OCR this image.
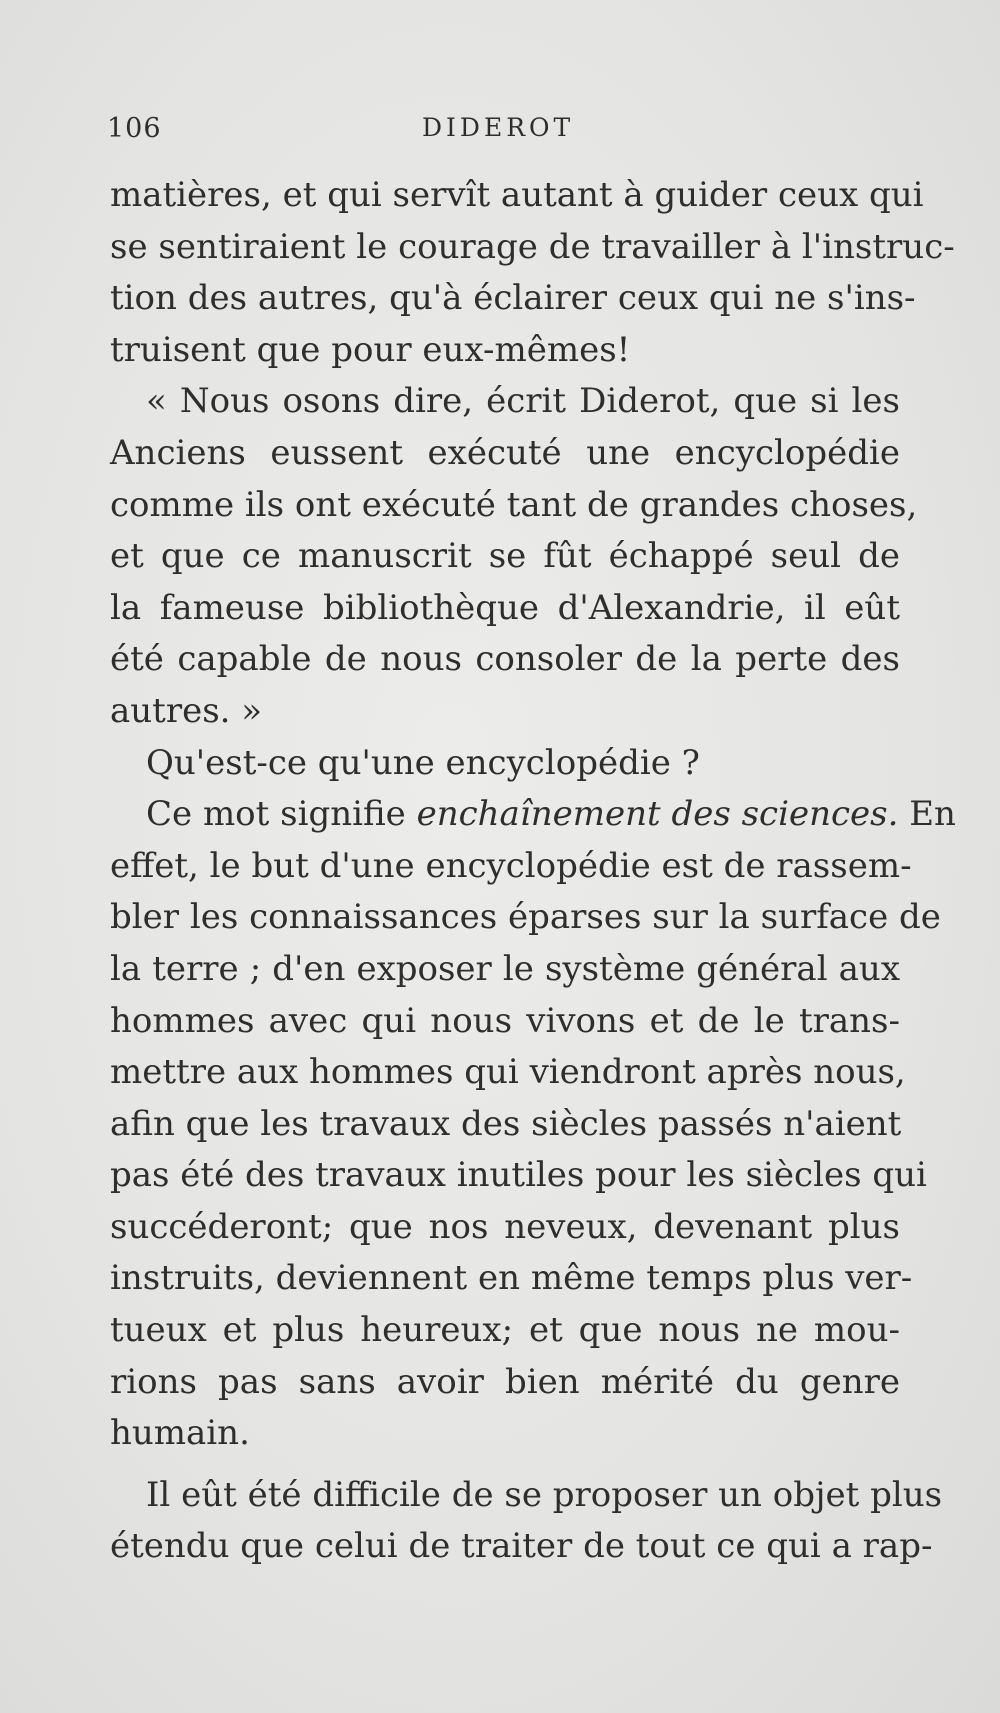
106	DIDEROT
matières, et qui servît autant à guider ceux qui
se sentiraient le courage de travailler à l'instruc-
tion des autres, qu'à éclairer ceux qui ne s'ins-
truisent que pour eux-mêmes!
« Nous osons dire, écrit Diderot, que si les
Anciens eussent exécuté une encyclopédie
comme ils ont exécuté tant de grandes choses,
et que ce manuscrit se fût échappé seul de
la fameuse bibliothèque d'Alexandrie, il eût
été capable de nous consoler de la perte des
autres. »
Qu'est-ce qu'une encyclopédie ?
Ce mot signifie enchaînement des sciences. En
effet, le but d'une encyclopédie est de rassem-
bler les connaissances éparses sur la surface de
la terre ; d'en exposer le système général aux
hommes avec qui nous vivons et de le trans-
mettre aux hommes qui viendront après nous,
afin que les travaux des siècles passés n'aient
pas été des travaux inutiles pour les siècles qui
succéderont; que nos neveux, devenant plus
instruits, deviennent en même temps plus ver-
tueux et plus heureux; et que nous ne mou-
rions pas sans avoir bien mérité du genre
humain.
Il eût été difficile de se proposer un objet plus
étendu que celui de traiter de tout ce qui a rap-
